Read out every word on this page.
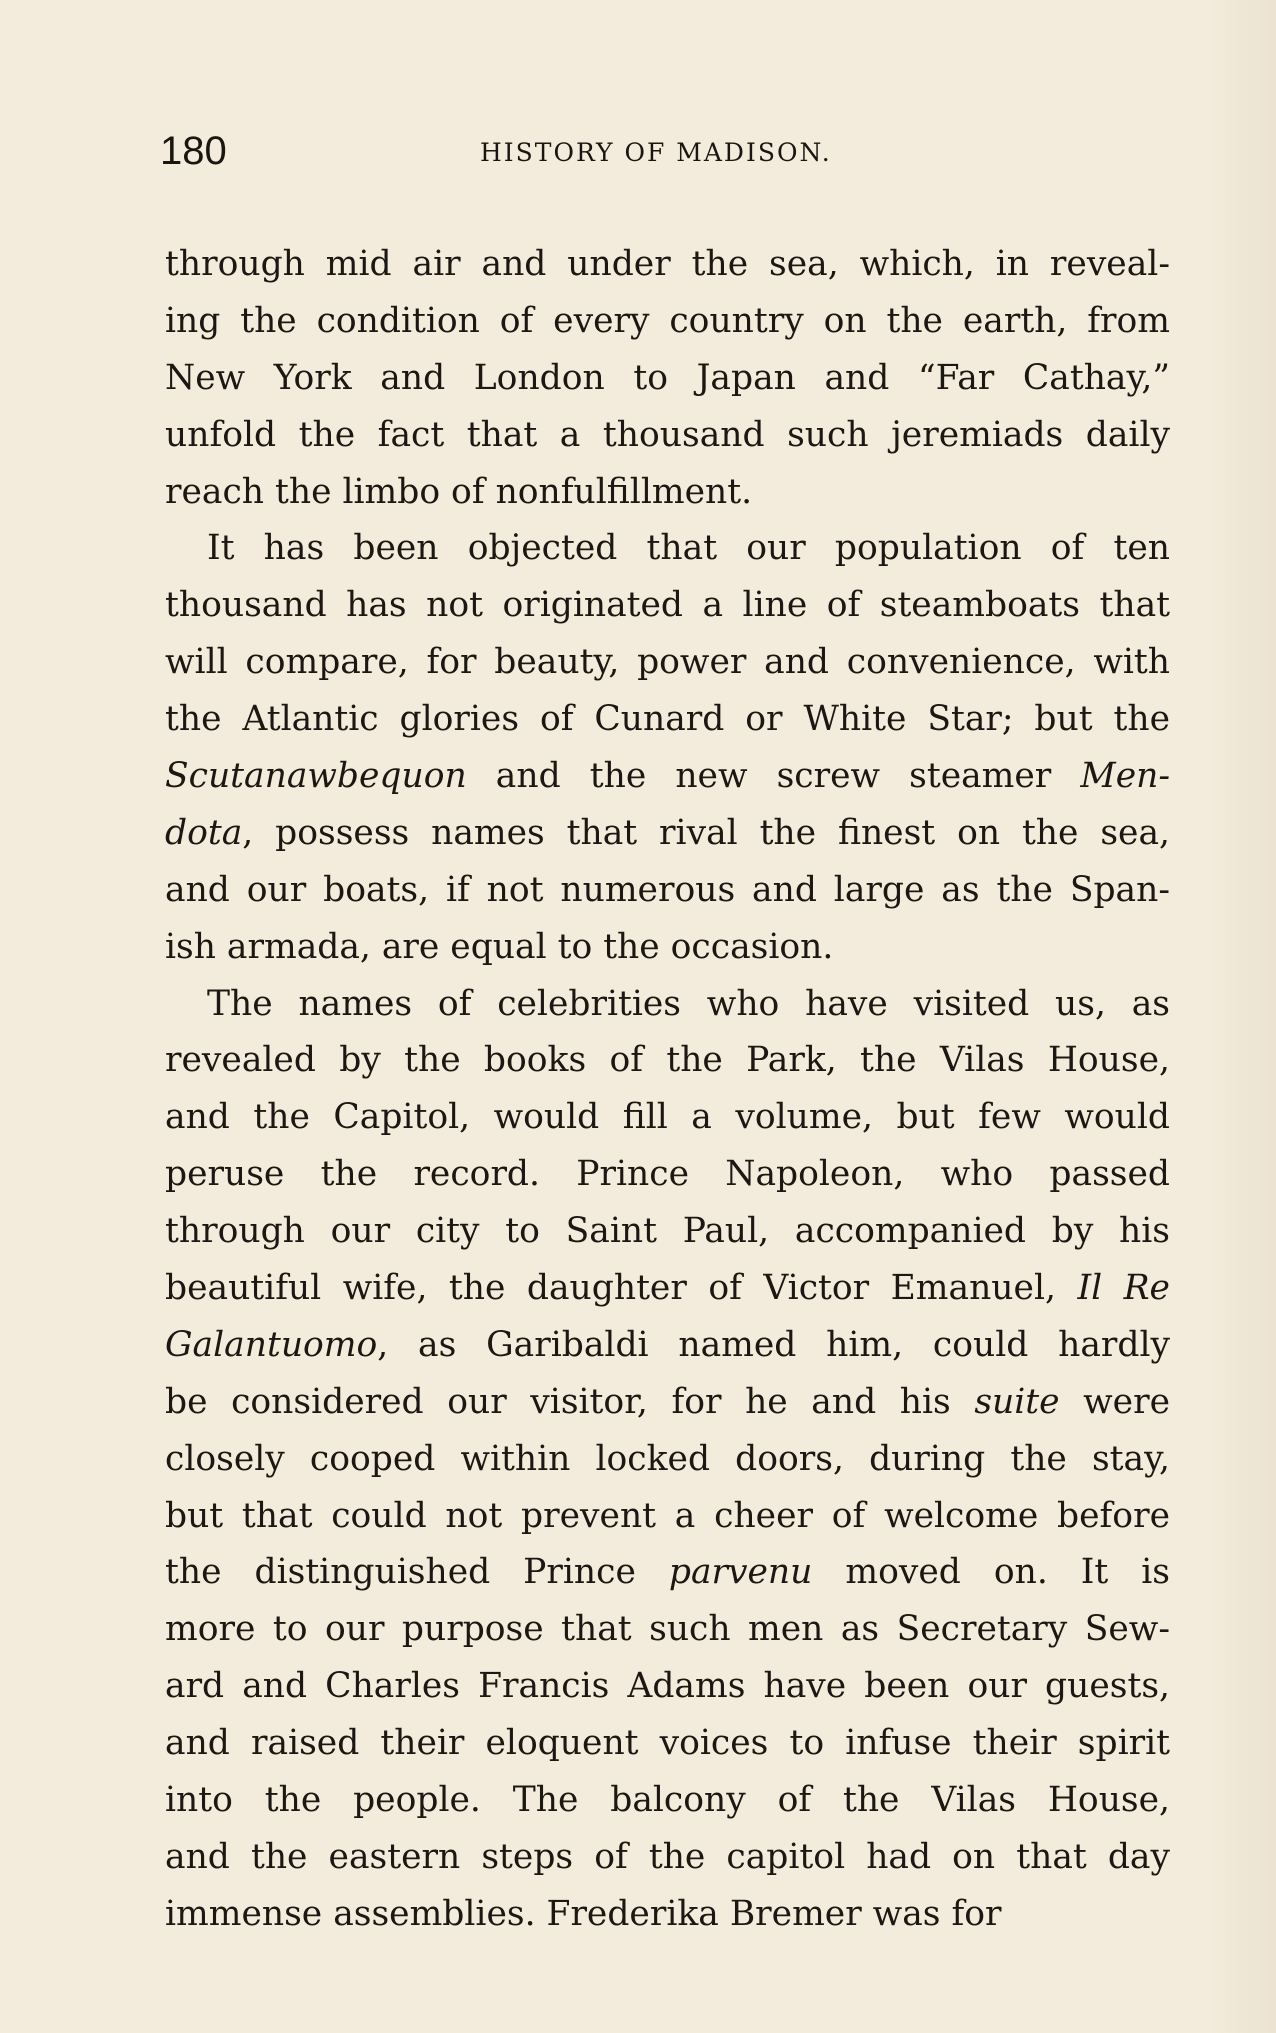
180	HISTORY OF MADISON.
through mid air and under the sea, which, in reveal-
ing the condition of every country on the earth, from
New York and London to Japan and “Far Cathay,”
unfold the fact that a thousand such jeremiads daily
reach the limbo of nonfulfillment.
It has been objected that our population of ten
thousand has not originated a line of steamboats that
will compare, for beauty, power and convenience, with
the Atlantic glories of Cunard or White Star; but the
Scutanawbequon and the new screw steamer Men-
dota, possess names that rival the finest on the sea,
and our boats, if not numerous and large as the Span-
ish armada, are equal to the occasion.
The names of celebrities who have visited us, as
revealed by the books of the Park, the Vilas House,
and the Capitol, would fill a volume, but few would
peruse the record. Prince Napoleon, who passed
through our city to Saint Paul, accompanied by his
beautiful wife, the daughter of Victor Emanuel, Il Re
Galantuomo, as Garibaldi named him, could hardly
be considered our visitor, for he and his suite were
closely cooped within locked doors, during the stay,
but that could not prevent a cheer of welcome before
the distinguished Prince parvenu moved on. It is
more to our purpose that such men as Secretary Sew-
ard and Charles Francis Adams have been our guests,
and raised their eloquent voices to infuse their spirit
into the people. The balcony of the Vilas House,
and the eastern steps of the capitol had on that day
immense assemblies. Frederika Bremer was for
